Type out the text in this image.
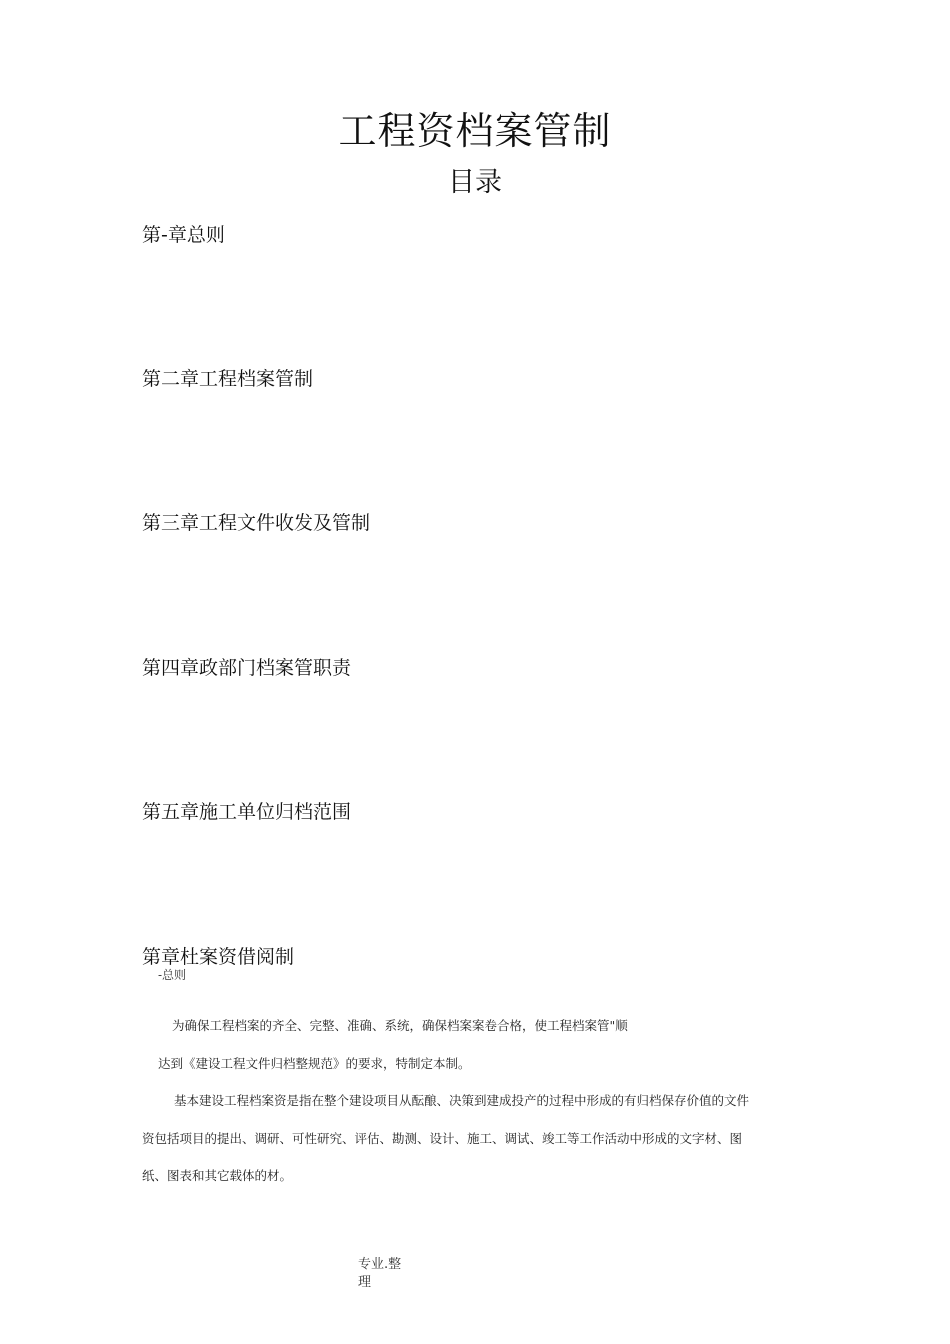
工程资档案管制
目录
第-章总则
第二章工程档案管制
第三章工程文件收发及管制
第四章政部门档案管职责
第五章施工单位归档范围
第章杜案资借阅制
-总则
为确保工程档案的齐全、完整、准确、系统，确保档案案卷合格，使工程档案管"顺
达到《建设工程文件归档整规范》的要求，特制定本制。
基本建设工程档案资是指在整个建设项目从酝酿、决策到建成投产的过程中形成的有归档保存价值的文件
资包括项目的提出、调研、可性研究、评估、勘测、设计、施工、调试、竣工等工作活动中形成的文字材、图
纸、图表和其它载体的材。
专业.整
理
